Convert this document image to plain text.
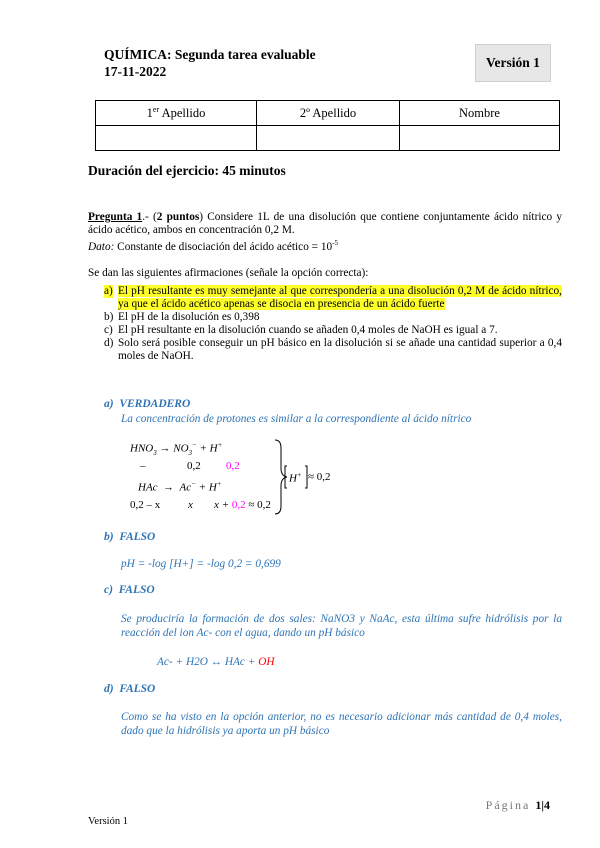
QUÍMICA: Segunda tarea evaluable
17-11-2022
Versión 1
1er Apellido	2º Apellido	Nombre

Duración del ejercicio: 45 minutos
Pregunta 1.- (2 puntos) Considere 1L de una disolución que contiene conjuntamente ácido nítrico y ácido acético, ambos en concentración 0,2 M.
Dato: Constante de disociación del ácido acético = $10^{-5}$
Se dan las siguientes afirmaciones (señale la opción correcta):
a) El pH resultante es muy semejante al que correspondería a una disolución 0,2 M de ácido nítrico, ya que el ácido acético apenas se disocia en presencia de un ácido fuerte
b) El pH de la disolución es 0,398
c) El pH resultante en la disolución cuando se añaden 0,4 moles de NaOH es igual a 7.
d) Solo será posible conseguir un pH básico en la disolución si se añade una cantidad superior a 0,4 moles de NaOH.
a) VERDADERO
La concentración de protones es similar a la correspondiente al ácido nítrico
$HNO_3 \to NO_3^- + H^+$
–	0,2 0,2
HAc  →  Ac− + H+
0,2 – x	x x + 0,2 ≈ 0,2
H+ ≈ 0,2
b) FALSO
pH = -log [H+] = -log 0,2 = 0,699
c) FALSO
Se produciría la formación de dos sales: NaNO3 y NaAc, esta última sufre hidrólisis por la reacción del ion Ac- con el agua, dando un pH básico
Ac- + H2O ↔ HAc + OH
d) FALSO
Como se ha visto en la opción anterior, no es necesario adicionar más cantidad de 0,4 moles, dado que la hidrólisis ya aporta un pH básico
Página 1|4
Versión 1
